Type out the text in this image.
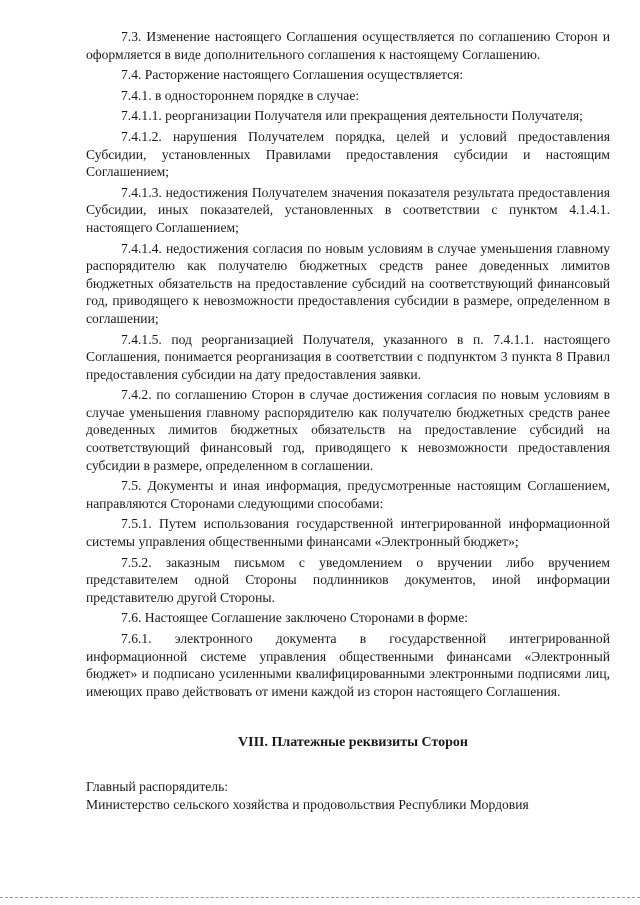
7.3. Изменение настоящего Соглашения осуществляется по соглашению Сторон и оформляется в виде дополнительного соглашения к настоящему Соглашению.

7.4. Расторжение настоящего Соглашения осуществляется:

7.4.1. в одностороннем порядке в случае:

7.4.1.1. реорганизации Получателя или прекращения деятельности Получателя;

7.4.1.2. нарушения Получателем порядка, целей и условий предоставления Субсидии, установленных Правилами предоставления субсидии и настоящим Соглашением;

7.4.1.3. недостижения Получателем значения показателя результата предоставления Субсидии, иных показателей, установленных в соответствии с пунктом 4.1.4.1. настоящего Соглашением;

7.4.1.4. недостижения согласия по новым условиям в случае уменьшения главному распорядителю как получателю бюджетных средств ранее доведенных лимитов бюджетных обязательств на предоставление субсидий на соответствующий финансовый год, приводящего к невозможности предоставления субсидии в размере, определенном в соглашении;

7.4.1.5. под реорганизацией Получателя, указанного в п. 7.4.1.1. настоящего Соглашения, понимается реорганизация в соответствии с подпунктом 3 пункта 8 Правил предоставления субсидии на дату предоставления заявки.

7.4.2. по соглашению Сторон в случае достижения согласия по новым условиям в случае уменьшения главному распорядителю как получателю бюджетных средств ранее доведенных лимитов бюджетных обязательств на предоставление субсидий на соответствующий финансовый год, приводящего к невозможности предоставления субсидии в размере, определенном в соглашении.

7.5. Документы и иная информация, предусмотренные настоящим Соглашением, направляются Сторонами следующими способами:

7.5.1. Путем использования государственной интегрированной информационной системы управления общественными финансами «Электронный бюджет»;

7.5.2. заказным письмом с уведомлением о вручении либо вручением представителем одной Стороны подлинников документов, иной информации представителю другой Стороны.

7.6. Настоящее Соглашение заключено Сторонами в форме:

7.6.1. электронного документа в государственной интегрированной информационной системе управления общественными финансами «Электронный бюджет» и подписано усиленными квалифицированными электронными подписями лиц, имеющих право действовать от имени каждой из сторон настоящего Соглашения.

VIII. Платежные реквизиты Сторон

Главный распорядитель:

Министерство сельского хозяйства и продовольствия Республики Мордовия
